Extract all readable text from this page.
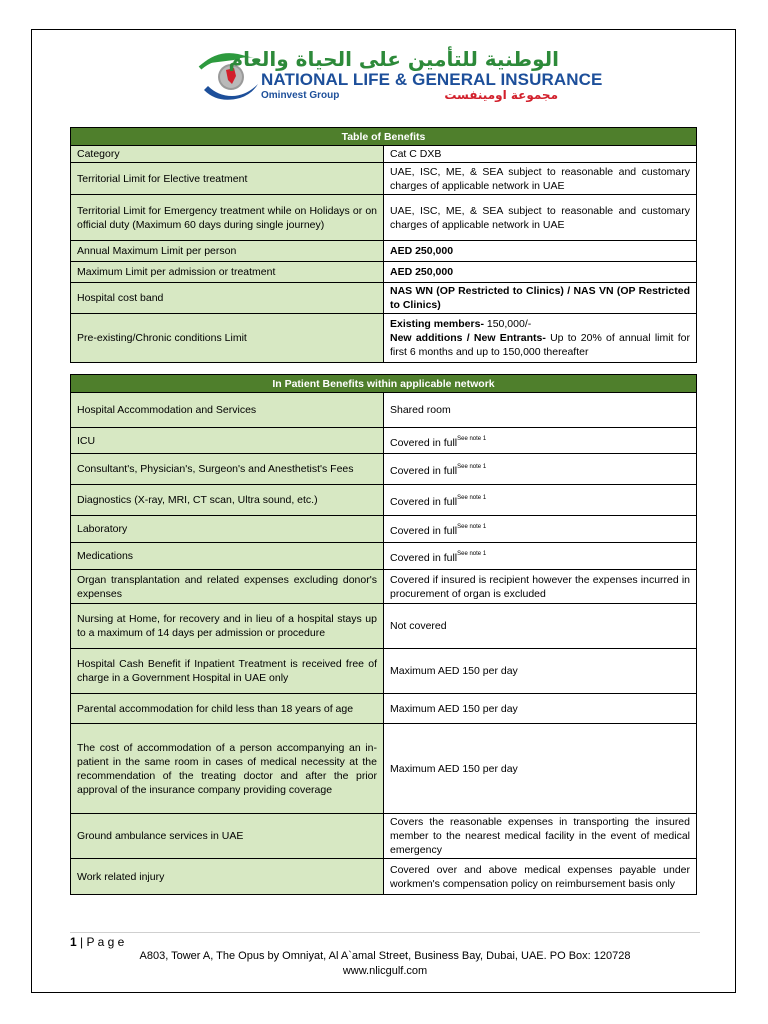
الوطنية للتأمين على الحياة والعام
NATIONAL LIFE & GENERAL INSURANCE
Ominvest Group	مجموعة اومينفست
Table of Benefits	
Category	Cat C DXB
Territorial Limit for Elective treatment	UAE, ISC, ME, & SEA subject to reasonable and customary charges of applicable network in UAE
Territorial Limit for Emergency treatment while on Holidays or on official duty (Maximum 60 days during single journey)	UAE, ISC, ME, & SEA subject to reasonable and customary charges of applicable network in UAE
Annual Maximum Limit per person	AED 250,000
Maximum Limit per admission or treatment	AED 250,000
Hospital cost band	NAS WN (OP Restricted to Clinics) / NAS VN (OP Restricted to Clinics)
Pre-existing/Chronic conditions Limit	Existing members- 150,000/-
New additions / New Entrants- Up to 20% of annual limit for first 6 months and up to 150,000 thereafter
In Patient Benefits within applicable network	
Hospital Accommodation and Services	Shared room
ICU	Covered in full$^{See note 1}$
Consultant's, Physician's, Surgeon's and Anesthetist's Fees	Covered in full$^{See note 1}$
Diagnostics (X-ray, MRI, CT scan, Ultra sound, etc.)	Covered in full$^{See note 1}$
Laboratory	Covered in full$^{See note 1}$
Medications	Covered in full$^{See note 1}$
Organ transplantation and related expenses excluding donor's expenses	Covered if insured is recipient however the expenses incurred in procurement of organ is excluded
Nursing at Home, for recovery and in lieu of a hospital stays up to a maximum of 14 days per admission or procedure	Not covered
Hospital Cash Benefit if Inpatient Treatment is received free of charge in a Government Hospital in UAE only	Maximum AED 150 per day
Parental accommodation for child less than 18 years of age	Maximum AED 150 per day
The cost of accommodation of a person accompanying an in-patient in the same room in cases of medical necessity at the recommendation of the treating doctor and after the prior approval of the insurance company providing coverage	Maximum AED 150 per day
Ground ambulance services in UAE	Covers the reasonable expenses in transporting the insured member to the nearest medical facility in the event of medical emergency
Work related injury	Covered over and above medical expenses payable under workmen's compensation policy on reimbursement basis only
1 | P a g e
A803, Tower A, The Opus by Omniyat, Al A`amal Street, Business Bay, Dubai, UAE. PO Box: 120728
www.nlicgulf.com
